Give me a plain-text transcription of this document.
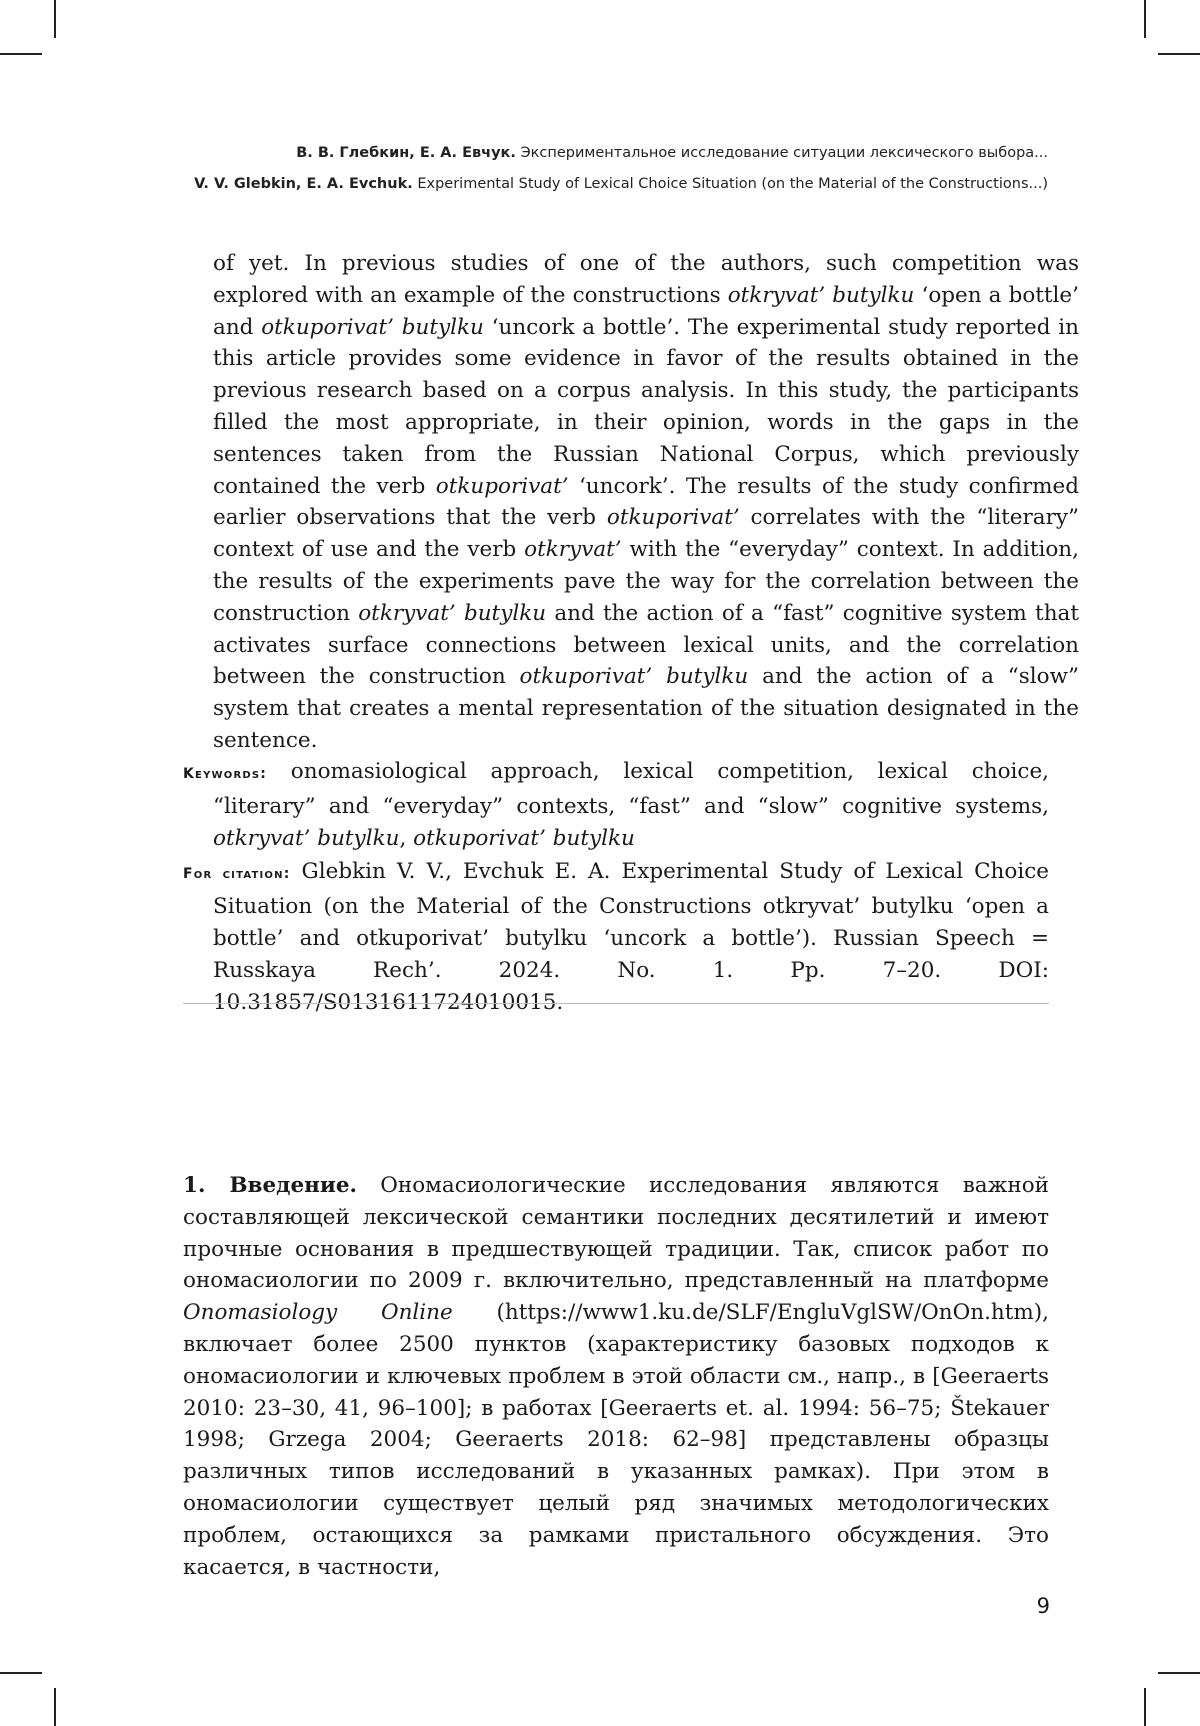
В. В. Глебкин, Е. А. Евчук. Экспериментальное исследование ситуации лексического выбора...
V. V. Glebkin, E. A. Evchuk. Experimental Study of Lexical Choice Situation (on the Material of the Constructions...)

of yet. In previous studies of one of the authors, such competition was explored with an example of the constructions otkryvat’ butylku ‘open a bottle’ and otkuporivat’ butylku ‘uncork a bottle’. The experimental study reported in this article provides some evidence in favor of the results obtained in the previous research based on a corpus analysis. In this study, the participants filled the most appropriate, in their opinion, words in the gaps in the sentences taken from the Russian National Corpus, which previously contained the verb otkuporivat’ ‘uncork’. The results of the study confirmed earlier observations that the verb otkuporivat’ correlates with the “literary” context of use and the verb otkryvat’ with the “everyday” context. In addition, the results of the experiments pave the way for the correlation between the construction otkryvat’ butylku and the action of a “fast” cognitive system that activates surface connections between lexical units, and the correlation between the construction otkuporivat’ butylku and the action of a “slow” system that creates a mental representation of the situation designated in the sentence.

Keywords: onomasiological approach, lexical competition, lexical choice, “literary” and “everyday” contexts, “fast” and “slow” cognitive systems, otkryvat’ butylku, otkuporivat’ butylku

For citation: Glebkin V. V., Evchuk E. A. Experimental Study of Lexical Choice Situation (on the Material of the Constructions otkryvat’ butylku ‘open a bottle’ and otkuporivat’ butylku ‘uncork a bottle’). Russian Speech = Russkaya Rech’. 2024. No. 1. Pp. 7–20. DOI: 10.31857/S0131611724010015.

1. Введение. Ономасиологические исследования являются важной составляющей лексической семантики последних десятилетий и имеют прочные основания в предшествующей традиции. Так, список работ по ономасиологии по 2009 г. включительно, представленный на платформе Onomasiology Online (https://www1.ku.de/SLF/EngluVglSW/OnOn.htm), включает более 2500 пунктов (характеристику базовых подходов к ономасиологии и ключевых проблем в этой области см., напр., в [Geeraerts 2010: 23–30, 41, 96–100]; в работах [Geeraerts et. al. 1994: 56–75; Štekauer 1998; Grzega 2004; Geeraerts 2018: 62–98] представлены образцы различных типов исследований в указанных рамках). При этом в ономасиологии существует целый ряд значимых методологических проблем, остающихся за рамками пристального обсуждения. Это касается, в частности,

9
